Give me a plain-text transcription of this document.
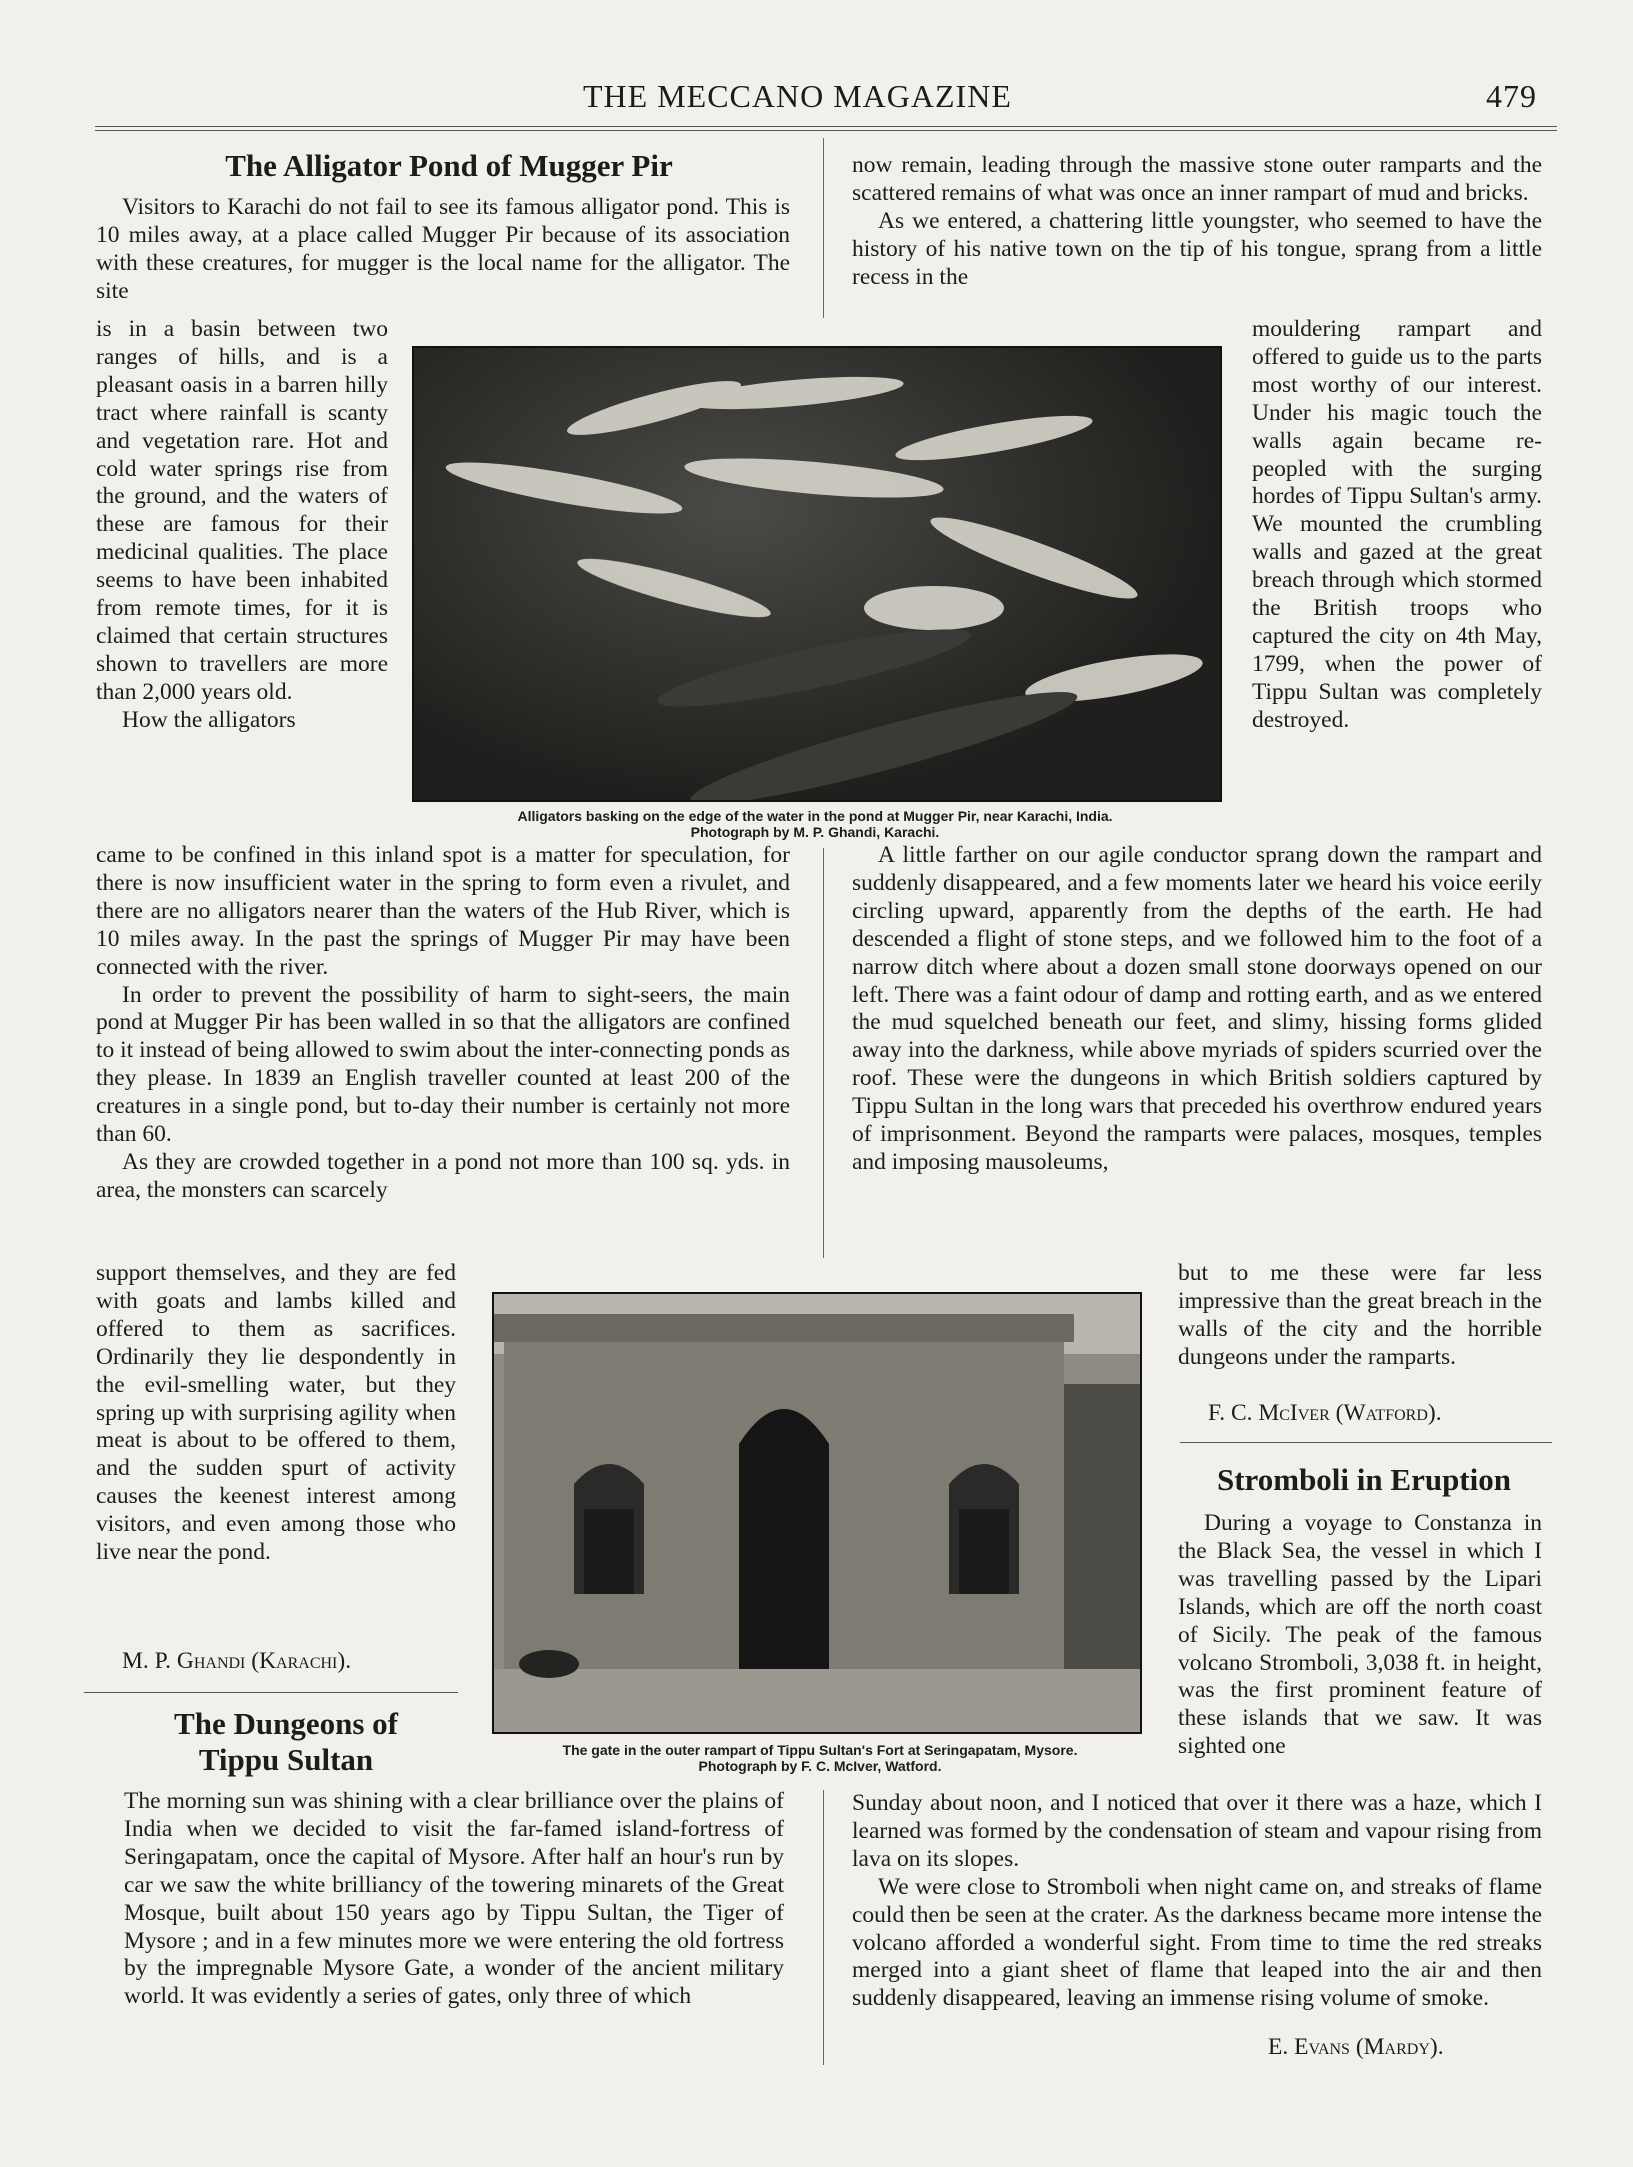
THE MECCANO MAGAZINE	479
The Alligator Pond of Mugger Pir

Visitors to Karachi do not fail to see its famous alligator pond. This is 10 miles away, at a place called Mugger Pir because of its association with these creatures, for mugger is the local name for the alligator. The site

is in a basin between two ranges of hills, and is a pleasant oasis in a barren hilly tract where rainfall is scanty and vegetation rare. Hot and cold water springs rise from the ground, and the waters of these are famous for their medicinal qualities. The place seems to have been inhabited from remote times, for it is claimed that certain structures shown to travellers are more than 2,000 years old.

How the alligators

Alligators basking on the edge of the water in the pond at Mugger Pir, near Karachi, India.
Photograph by M. P. Ghandi, Karachi.

came to be confined in this inland spot is a matter for speculation, for there is now insufficient water in the spring to form even a rivulet, and there are no alligators nearer than the waters of the Hub River, which is 10 miles away. In the past the springs of Mugger Pir may have been connected with the river.

In order to prevent the possibility of harm to sight-seers, the main pond at Mugger Pir has been walled in so that the alligators are confined to it instead of being allowed to swim about the inter-connecting ponds as they please. In 1839 an English traveller counted at least 200 of the creatures in a single pond, but to-day their number is certainly not more than 60.

As they are crowded together in a pond not more than 100 sq. yds. in area, the monsters can scarcely

support themselves, and they are fed with goats and lambs killed and offered to them as sacrifices. Ordinarily they lie despondently in the evil-smelling water, but they spring up with surprising agility when meat is about to be offered to them, and the sudden spurt of activity causes the keenest interest among visitors, and even among those who live near the pond.

M. P. Ghandi (Karachi).
The Dungeons of
Tippu Sultan

The morning sun was shining with a clear brilliance over the plains of India when we decided to visit the far-famed island-fortress of Seringapatam, once the capital of Mysore. After half an hour's run by car we saw the white brilliancy of the towering minarets of the Great Mosque, built about 150 years ago by Tippu Sultan, the Tiger of Mysore ; and in a few minutes more we were entering the old fortress by the impregnable Mysore Gate, a wonder of the ancient military world. It was evidently a series of gates, only three of which

now remain, leading through the massive stone outer ramparts and the scattered remains of what was once an inner rampart of mud and bricks.

As we entered, a chattering little youngster, who seemed to have the history of his native town on the tip of his tongue, sprang from a little recess in the

mouldering rampart and offered to guide us to the parts most worthy of our interest. Under his magic touch the walls again became re-peopled with the surging hordes of Tippu Sultan's army. We mounted the crumbling walls and gazed at the great breach through which stormed the British troops who captured the city on 4th May, 1799, when the power of Tippu Sultan was completely destroyed.

A little farther on our agile conductor sprang down the rampart and suddenly disappeared, and a few moments later we heard his voice eerily circling upward, apparently from the depths of the earth. He had descended a flight of stone steps, and we followed him to the foot of a narrow ditch where about a dozen small stone doorways opened on our left. There was a faint odour of damp and rotting earth, and as we entered the mud squelched beneath our feet, and slimy, hissing forms glided away into the darkness, while above myriads of spiders scurried over the roof. These were the dungeons in which British soldiers captured by Tippu Sultan in the long wars that preceded his overthrow endured years of imprisonment. Beyond the ramparts were palaces, mosques, temples and imposing mausoleums,

but to me these were far less impressive than the great breach in the walls of the city and the horrible dungeons under the ramparts.

F. C. McIver (Watford).
The gate in the outer rampart of Tippu Sultan's Fort at Seringapatam, Mysore.
Photograph by F. C. McIver, Watford.
Stromboli in Eruption

During a voyage to Constanza in the Black Sea, the vessel in which I was travelling passed by the Lipari Islands, which are off the north coast of Sicily. The peak of the famous volcano Stromboli, 3,038 ft. in height, was the first prominent feature of these islands that we saw. It was sighted one

Sunday about noon, and I noticed that over it there was a haze, which I learned was formed by the condensation of steam and vapour rising from lava on its slopes.

We were close to Stromboli when night came on, and streaks of flame could then be seen at the crater. As the darkness became more intense the volcano afforded a wonderful sight. From time to time the red streaks merged into a giant sheet of flame that leaped into the air and then suddenly disappeared, leaving an immense rising volume of smoke.

E. Evans (Mardy).
